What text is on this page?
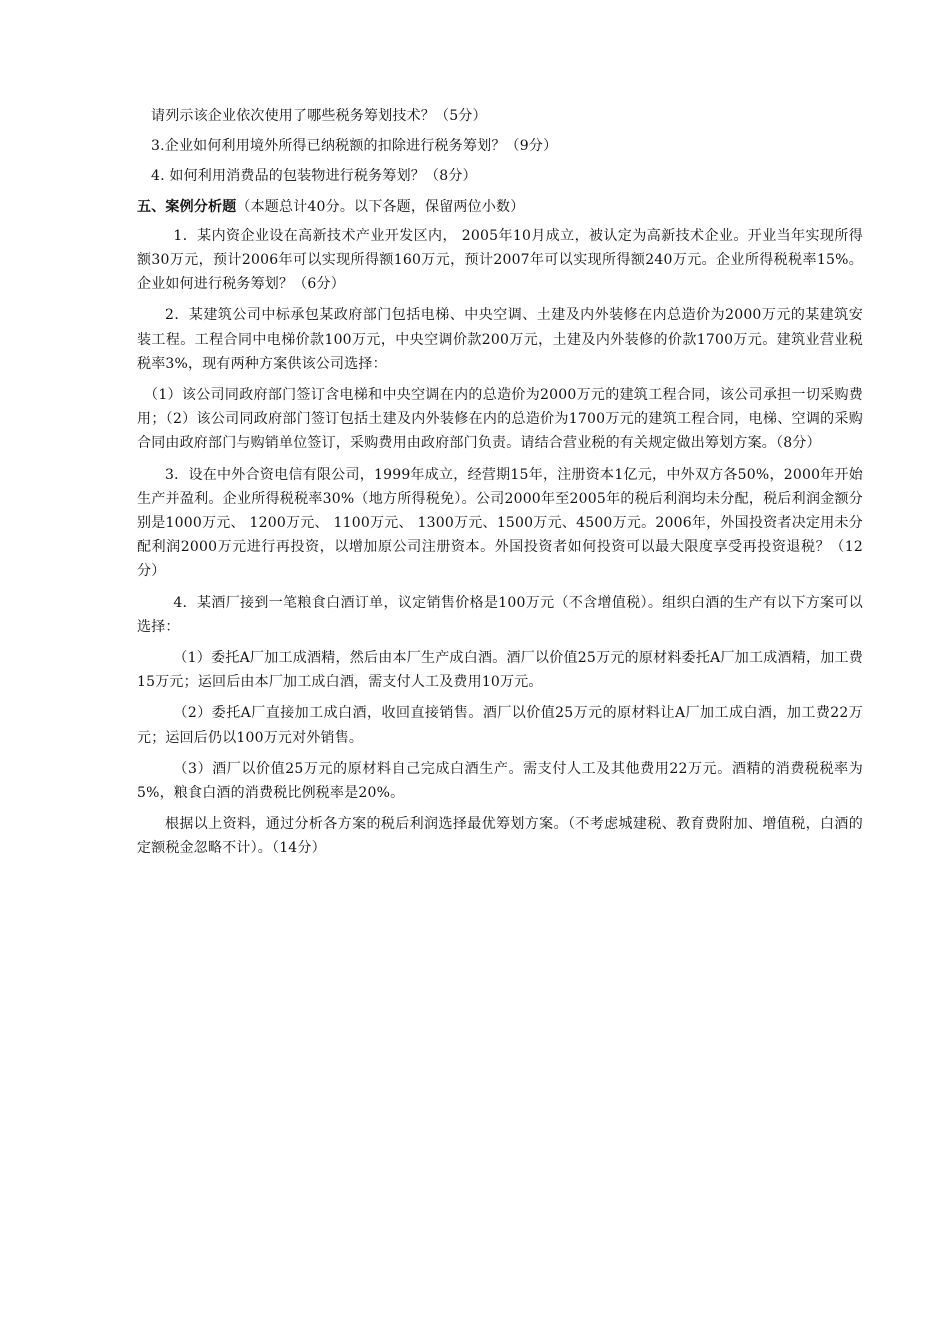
请列示该企业依次使用了哪些税务筹划技术？（5分）
3.企业如何利用境外所得已纳税额的扣除进行税务筹划？（9分）
4. 如何利用消费品的包装物进行税务筹划？（8分）
五、案例分析题（本题总计40分。以下各题，保留两位小数）
1．某内资企业设在高新技术产业开发区内， 2005年10月成立，被认定为高新技术企业。开业当年实现所得额30万元，预计2006年可以实现所得额160万元，预计2007年可以实现所得额240万元。企业所得税税率15%。企业如何进行税务筹划？（6分）
2．某建筑公司中标承包某政府部门包括电梯、中央空调、土建及内外装修在内总造价为2000万元的某建筑安装工程。工程合同中电梯价款100万元，中央空调价款200万元，土建及内外装修的价款1700万元。建筑业营业税税率3%，现有两种方案供该公司选择：
（1）该公司同政府部门签订含电梯和中央空调在内的总造价为2000万元的建筑工程合同，该公司承担一切采购费用；（2）该公司同政府部门签订包括土建及内外装修在内的总造价为1700万元的建筑工程合同，电梯、空调的采购合同由政府部门与购销单位签订，采购费用由政府部门负责。请结合营业税的有关规定做出筹划方案。（8分）
3．设在中外合资电信有限公司，1999年成立，经营期15年，注册资本1亿元，中外双方各50%，2000年开始生产并盈利。企业所得税税率30%（地方所得税免）。公司2000年至2005年的税后利润均未分配，税后利润金额分别是1000万元、 1200万元、 1100万元、 1300万元、1500万元、4500万元。2006年，外国投资者决定用未分配利润2000万元进行再投资，以增加原公司注册资本。外国投资者如何投资可以最大限度享受再投资退税？（12分）
4．某酒厂接到一笔粮食白酒订单，议定销售价格是100万元（不含增值税）。组织白酒的生产有以下方案可以选择：
（1）委托A厂加工成酒精，然后由本厂生产成白酒。酒厂以价值25万元的原材料委托A厂加工成酒精，加工费15万元；运回后由本厂加工成白酒，需支付人工及费用10万元。
（2）委托A厂直接加工成白酒，收回直接销售。酒厂以价值25万元的原材料让A厂加工成白酒，加工费22万元；运回后仍以100万元对外销售。
（3）酒厂以价值25万元的原材料自己完成白酒生产。需支付人工及其他费用22万元。酒精的消费税税率为5%，粮食白酒的消费税比例税率是20%。
根据以上资料，通过分析各方案的税后利润选择最优筹划方案。（不考虑城建税、教育费附加、增值税，白酒的定额税金忽略不计）。（14分）
